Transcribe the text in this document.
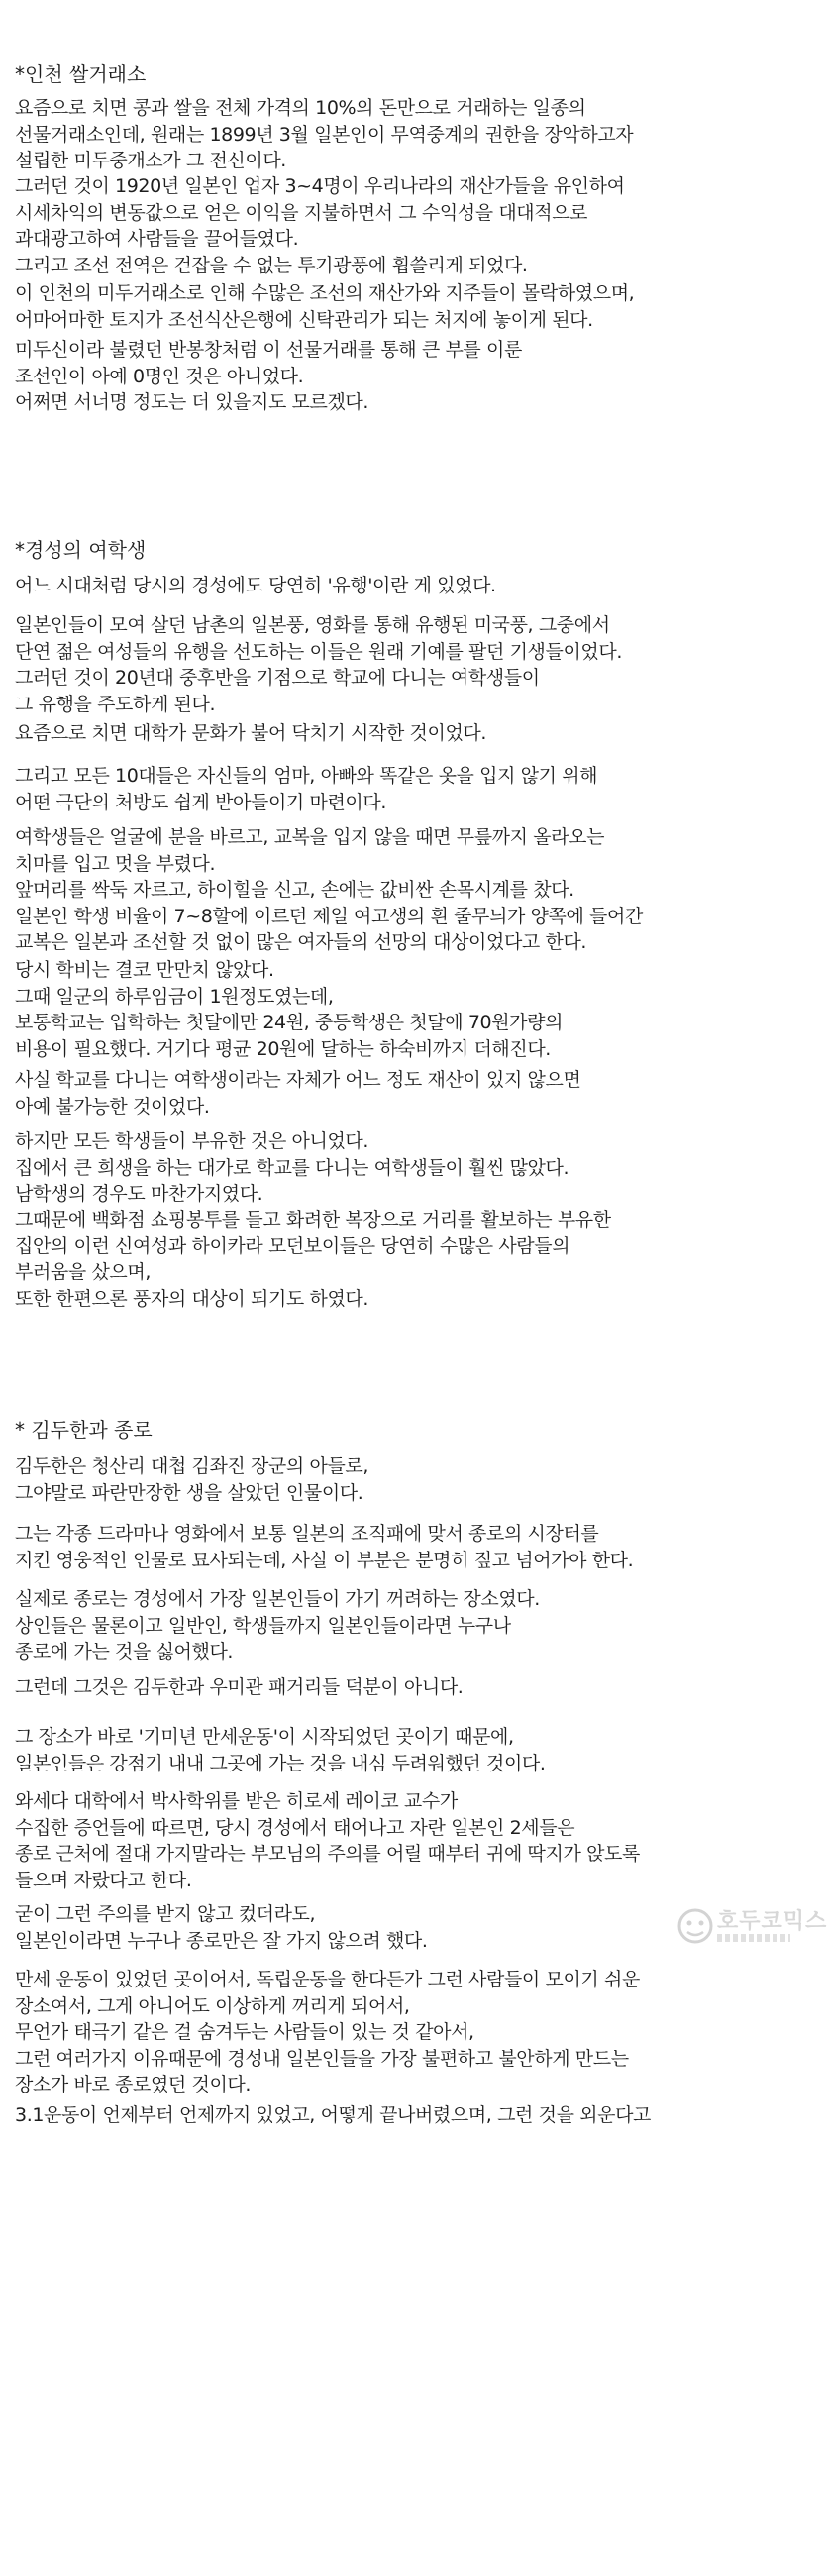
*인천 쌀거래소
요즘으로 치면 콩과 쌀을 전체 가격의 10%의 돈만으로 거래하는 일종의
선물거래소인데, 원래는 1899년 3월 일본인이 무역중계의 권한을 장악하고자
설립한 미두중개소가 그 전신이다.
그러던 것이 1920년 일본인 업자 3~4명이 우리나라의 재산가들을 유인하여
시세차익의 변동값으로 얻은 이익을 지불하면서 그 수익성을 대대적으로
과대광고하여 사람들을 끌어들였다.
그리고 조선 전역은 걷잡을 수 없는 투기광풍에 휩쓸리게 되었다.
이 인천의 미두거래소로 인해 수많은 조선의 재산가와 지주들이 몰락하였으며,
어마어마한 토지가 조선식산은행에 신탁관리가 되는 처지에 놓이게 된다.
미두신이라 불렸던 반봉창처럼 이 선물거래를 통해 큰 부를 이룬
조선인이 아예 0명인 것은 아니었다.
어쩌면 서너명 정도는 더 있을지도 모르겠다.
*경성의 여학생
어느 시대처럼 당시의 경성에도 당연히 '유행'이란 게 있었다.
일본인들이 모여 살던 남촌의 일본풍, 영화를 통해 유행된 미국풍, 그중에서
단연 젊은 여성들의 유행을 선도하는 이들은 원래 기예를 팔던 기생들이었다.
그러던 것이 20년대 중후반을 기점으로 학교에 다니는 여학생들이
그 유행을 주도하게 된다.
요즘으로 치면 대학가 문화가 불어 닥치기 시작한 것이었다.
그리고 모든 10대들은 자신들의 엄마, 아빠와 똑같은 옷을 입지 않기 위해
어떤 극단의 처방도 쉽게 받아들이기 마련이다.
여학생들은 얼굴에 분을 바르고, 교복을 입지 않을 때면 무릎까지 올라오는
치마를 입고 멋을 부렸다.
앞머리를 싹둑 자르고, 하이힐을 신고, 손에는 값비싼 손목시계를 찼다.
일본인 학생 비율이 7~8할에 이르던 제일 여고생의 흰 줄무늬가 양쪽에 들어간
교복은 일본과 조선할 것 없이 많은 여자들의 선망의 대상이었다고 한다.
당시 학비는 결코 만만치 않았다.
그때 일군의 하루임금이 1원정도였는데,
보통학교는 입학하는 첫달에만 24원, 중등학생은 첫달에 70원가량의
비용이 필요했다. 거기다 평균 20원에 달하는 하숙비까지 더해진다.
사실 학교를 다니는 여학생이라는 자체가 어느 정도 재산이 있지 않으면
아예 불가능한 것이었다.
하지만 모든 학생들이 부유한 것은 아니었다.
집에서 큰 희생을 하는 대가로 학교를 다니는 여학생들이 훨씬 많았다.
남학생의 경우도 마찬가지였다.
그때문에 백화점 쇼핑봉투를 들고 화려한 복장으로 거리를 활보하는 부유한
집안의 이런 신여성과 하이카라 모던보이들은 당연히 수많은 사람들의
부러움을 샀으며,
또한 한편으론 풍자의 대상이 되기도 하였다.
* 김두한과 종로
김두한은 청산리 대첩 김좌진 장군의 아들로,
그야말로 파란만장한 생을 살았던 인물이다.
그는 각종 드라마나 영화에서 보통 일본의 조직패에 맞서 종로의 시장터를
지킨 영웅적인 인물로 묘사되는데, 사실 이 부분은 분명히 짚고 넘어가야 한다.
실제로 종로는 경성에서 가장 일본인들이 가기 꺼려하는 장소였다.
상인들은 물론이고 일반인, 학생들까지 일본인들이라면 누구나
종로에 가는 것을 싫어했다.
그런데 그것은 김두한과 우미관 패거리들 덕분이 아니다.
그 장소가 바로 '기미년 만세운동'이 시작되었던 곳이기 때문에,
일본인들은 강점기 내내 그곳에 가는 것을 내심 두려워했던 것이다.
와세다 대학에서 박사학위를 받은 히로세 레이코 교수가
수집한 증언들에 따르면, 당시 경성에서 태어나고 자란 일본인 2세들은
종로 근처에 절대 가지말라는 부모님의 주의를 어릴 때부터 귀에 딱지가 앉도록
들으며 자랐다고 한다.
굳이 그런 주의를 받지 않고 컸더라도,
일본인이라면 누구나 종로만은 잘 가지 않으려 했다.
만세 운동이 있었던 곳이어서, 독립운동을 한다든가 그런 사람들이 모이기 쉬운
장소여서, 그게 아니어도 이상하게 꺼리게 되어서,
무언가 태극기 같은 걸 숨겨두는 사람들이 있는 것 같아서,
그런 여러가지 이유때문에 경성내 일본인들을 가장 불편하고 불안하게 만드는
장소가 바로 종로였던 것이다.
3.1운동이 언제부터 언제까지 있었고, 어떻게 끝나버렸으며, 그런 것을 외운다고
호두코믹스
